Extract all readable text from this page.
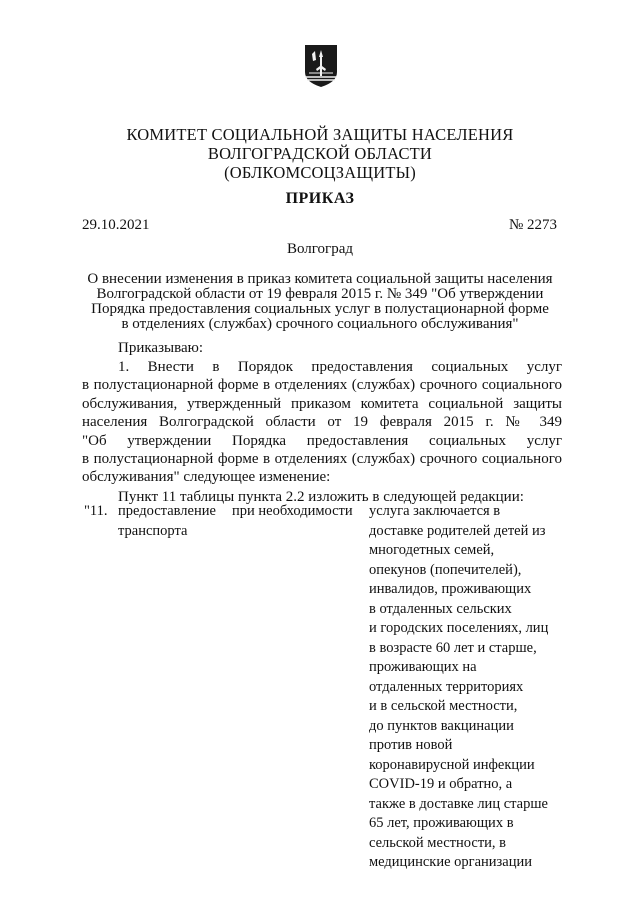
КОМИТЕТ СОЦИАЛЬНОЙ ЗАЩИТЫ НАСЕЛЕНИЯ
ВОЛГОГРАДСКОЙ ОБЛАСТИ
(ОБЛКОМСОЦЗАЩИТЫ)
ПРИКАЗ
29.10.2021	№ 2273
Волгоград
О внесении изменения в приказ комитета социальной защиты населения
Волгоградской области от 19 февраля 2015 г. № 349 "Об утверждении
Порядка предоставления социальных услуг в полустационарной форме
в отделениях (службах) срочного социального обслуживания"
Приказываю:
1. Внести в Порядок предоставления социальных услуг
в полустационарной форме в отделениях (службах) срочного социального
обслуживания, утвержденный приказом комитета социальной защиты
населения Волгоградской области от 19 февраля 2015 г. № 349
"Об утверждении Порядка предоставления социальных услуг
в полустационарной форме в отделениях (службах) срочного социального
обслуживания" следующее изменение:
Пункт 11 таблицы пункта 2.2 изложить в следующей редакции:
"11. предоставление
транспорта
при необходимости услуга заключается в
доставке родителей детей из
многодетных семей,
опекунов (попечителей),
инвалидов, проживающих
в отдаленных сельских
и городских поселениях, лиц
в возрасте 60 лет и старше,
проживающих на
отдаленных территориях
и в сельской местности,
до пунктов вакцинации
против новой
коронавирусной инфекции
COVID-19 и обратно, а
также в доставке лиц старше
65 лет, проживающих в
сельской местности, в
медицинские организации
